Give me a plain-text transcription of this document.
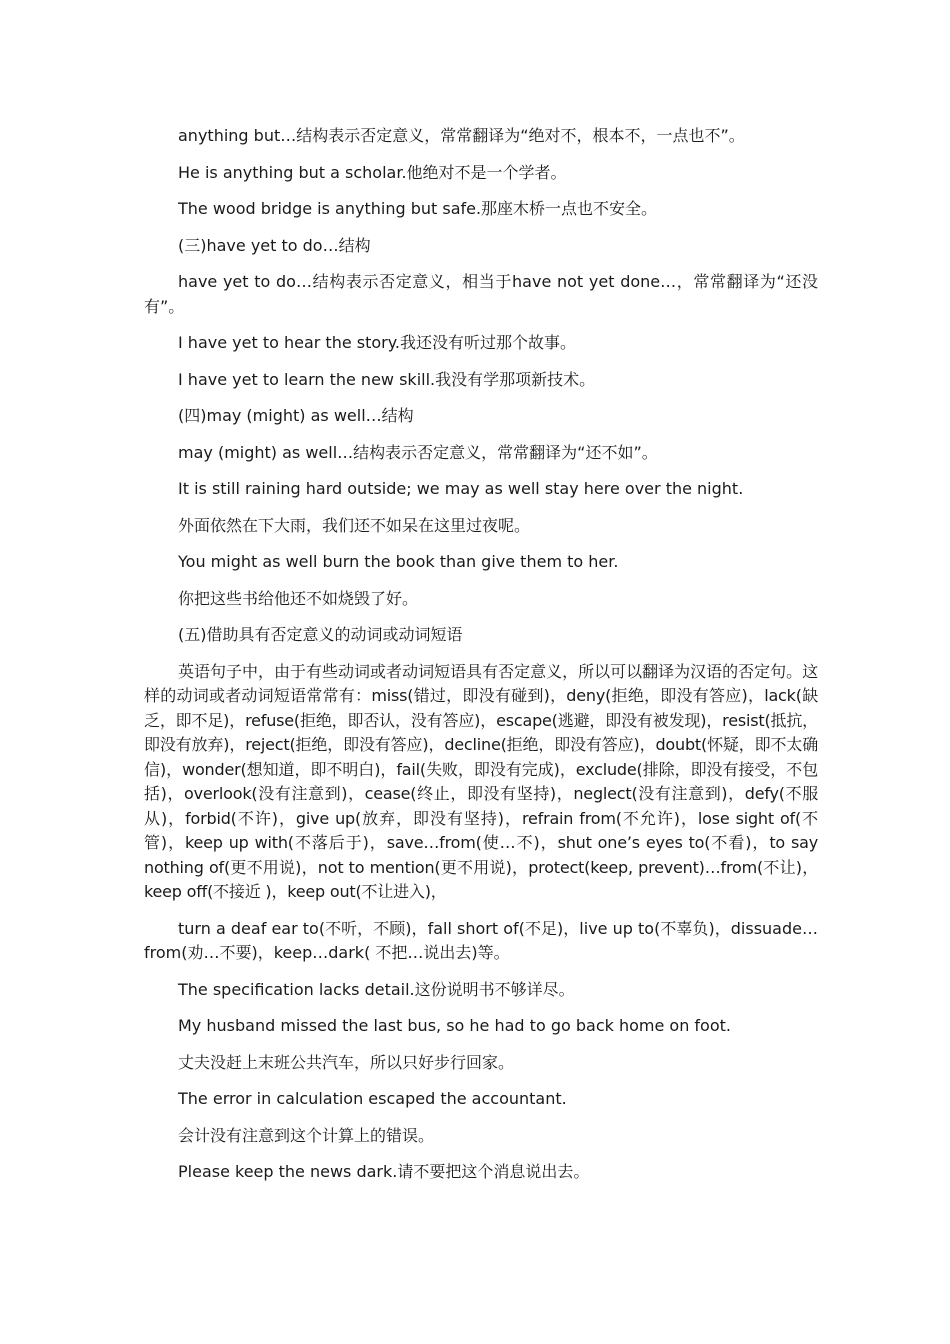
anything but…结构表示否定意义，常常翻译为“绝对不，根本不，一点也不”。

He is anything but a scholar.他绝对不是一个学者。

The wood bridge is anything but safe.那座木桥一点也不安全。

(三)have yet to do…结构

have yet to do…结构表示否定意义，相当于have not yet done…，常常翻译为“还没有”。

I have yet to hear the story.我还没有听过那个故事。

I have yet to learn the new skill.我没有学那项新技术。

(四)may (might) as well…结构

may (might) as well…结构表示否定意义，常常翻译为“还不如”。

It is still raining hard outside; we may as well stay here over the night.

外面依然在下大雨，我们还不如呆在这里过夜呢。

You might as well burn the book than give them to her.

你把这些书给他还不如烧毁了好。

(五)借助具有否定意义的动词或动词短语

英语句子中，由于有些动词或者动词短语具有否定意义，所以可以翻译为汉语的否定句。这样的动词或者动词短语常常有：miss(错过，即没有碰到)，deny(拒绝，即没有答应)，lack(缺乏，即不足)，refuse(拒绝，即否认，没有答应)，escape(逃避，即没有被发现)，resist(抵抗，即没有放弃)，reject(拒绝，即没有答应)，decline(拒绝，即没有答应)，doubt(怀疑，即不太确信)，wonder(想知道，即不明白)，fail(失败，即没有完成)，exclude(排除，即没有接受，不包括)，overlook(没有注意到)，cease(终止，即没有坚持)，neglect(没有注意到)，defy(不服从)，forbid(不许)，give up(放弃，即没有坚持)，refrain from(不允许)，lose sight of(不管)，keep up with(不落后于)，save…from(使…不)，shut one’s eyes to(不看)，to say nothing of(更不用说)，not to mention(更不用说)，protect(keep, prevent)…from(不让)，keep off(不接近 )，keep out(不让进入)，

turn a deaf ear to(不听，不顾)，fall short of(不足)，live up to(不辜负)，dissuade…from(劝…不要)，keep…dark( 不把…说出去)等。

The specification lacks detail.这份说明书不够详尽。

My husband missed the last bus, so he had to go back home on foot.

丈夫没赶上末班公共汽车，所以只好步行回家。

The error in calculation escaped the accountant.

会计没有注意到这个计算上的错误。

Please keep the news dark.请不要把这个消息说出去。
